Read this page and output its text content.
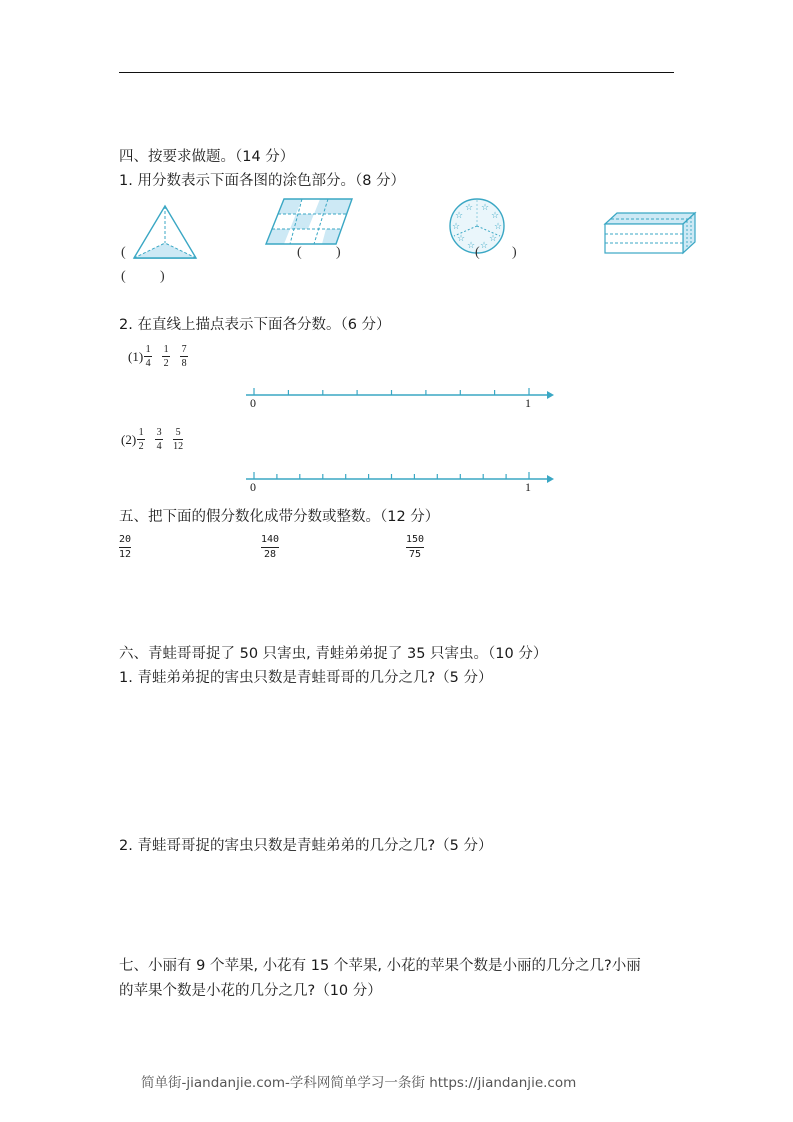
四、按要求做题。（14 分）
1. 用分数表示下面各图的涂色部分。（8 分）
(
( )
( )
☆ ☆
☆	☆
☆	☆
☆	☆
☆ ☆
( )
2. 在直线上描点表示下面各分数。（6 分）
$(1) \frac{1}{4} \frac{1}{2} \frac{7}{8}$
0	1
$(2) \frac{1}{2} \frac{3}{4} \frac{5}{12}$
0	1
五、把下面的假分数化成带分数或整数。（12 分）
20
12
140
28
150
75
六、青蛙哥哥捉了 50 只害虫, 青蛙弟弟捉了 35 只害虫。（10 分）
1. 青蛙弟弟捉的害虫只数是青蛙哥哥的几分之几?（5 分）
2. 青蛙哥哥捉的害虫只数是青蛙弟弟的几分之几?（5 分）
七、小丽有 9 个苹果, 小花有 15 个苹果, 小花的苹果个数是小丽的几分之几?小丽
的苹果个数是小花的几分之几?（10 分）
简单街-jiandanjie.com-学科网简单学习一条街 https://jiandanjie.com
